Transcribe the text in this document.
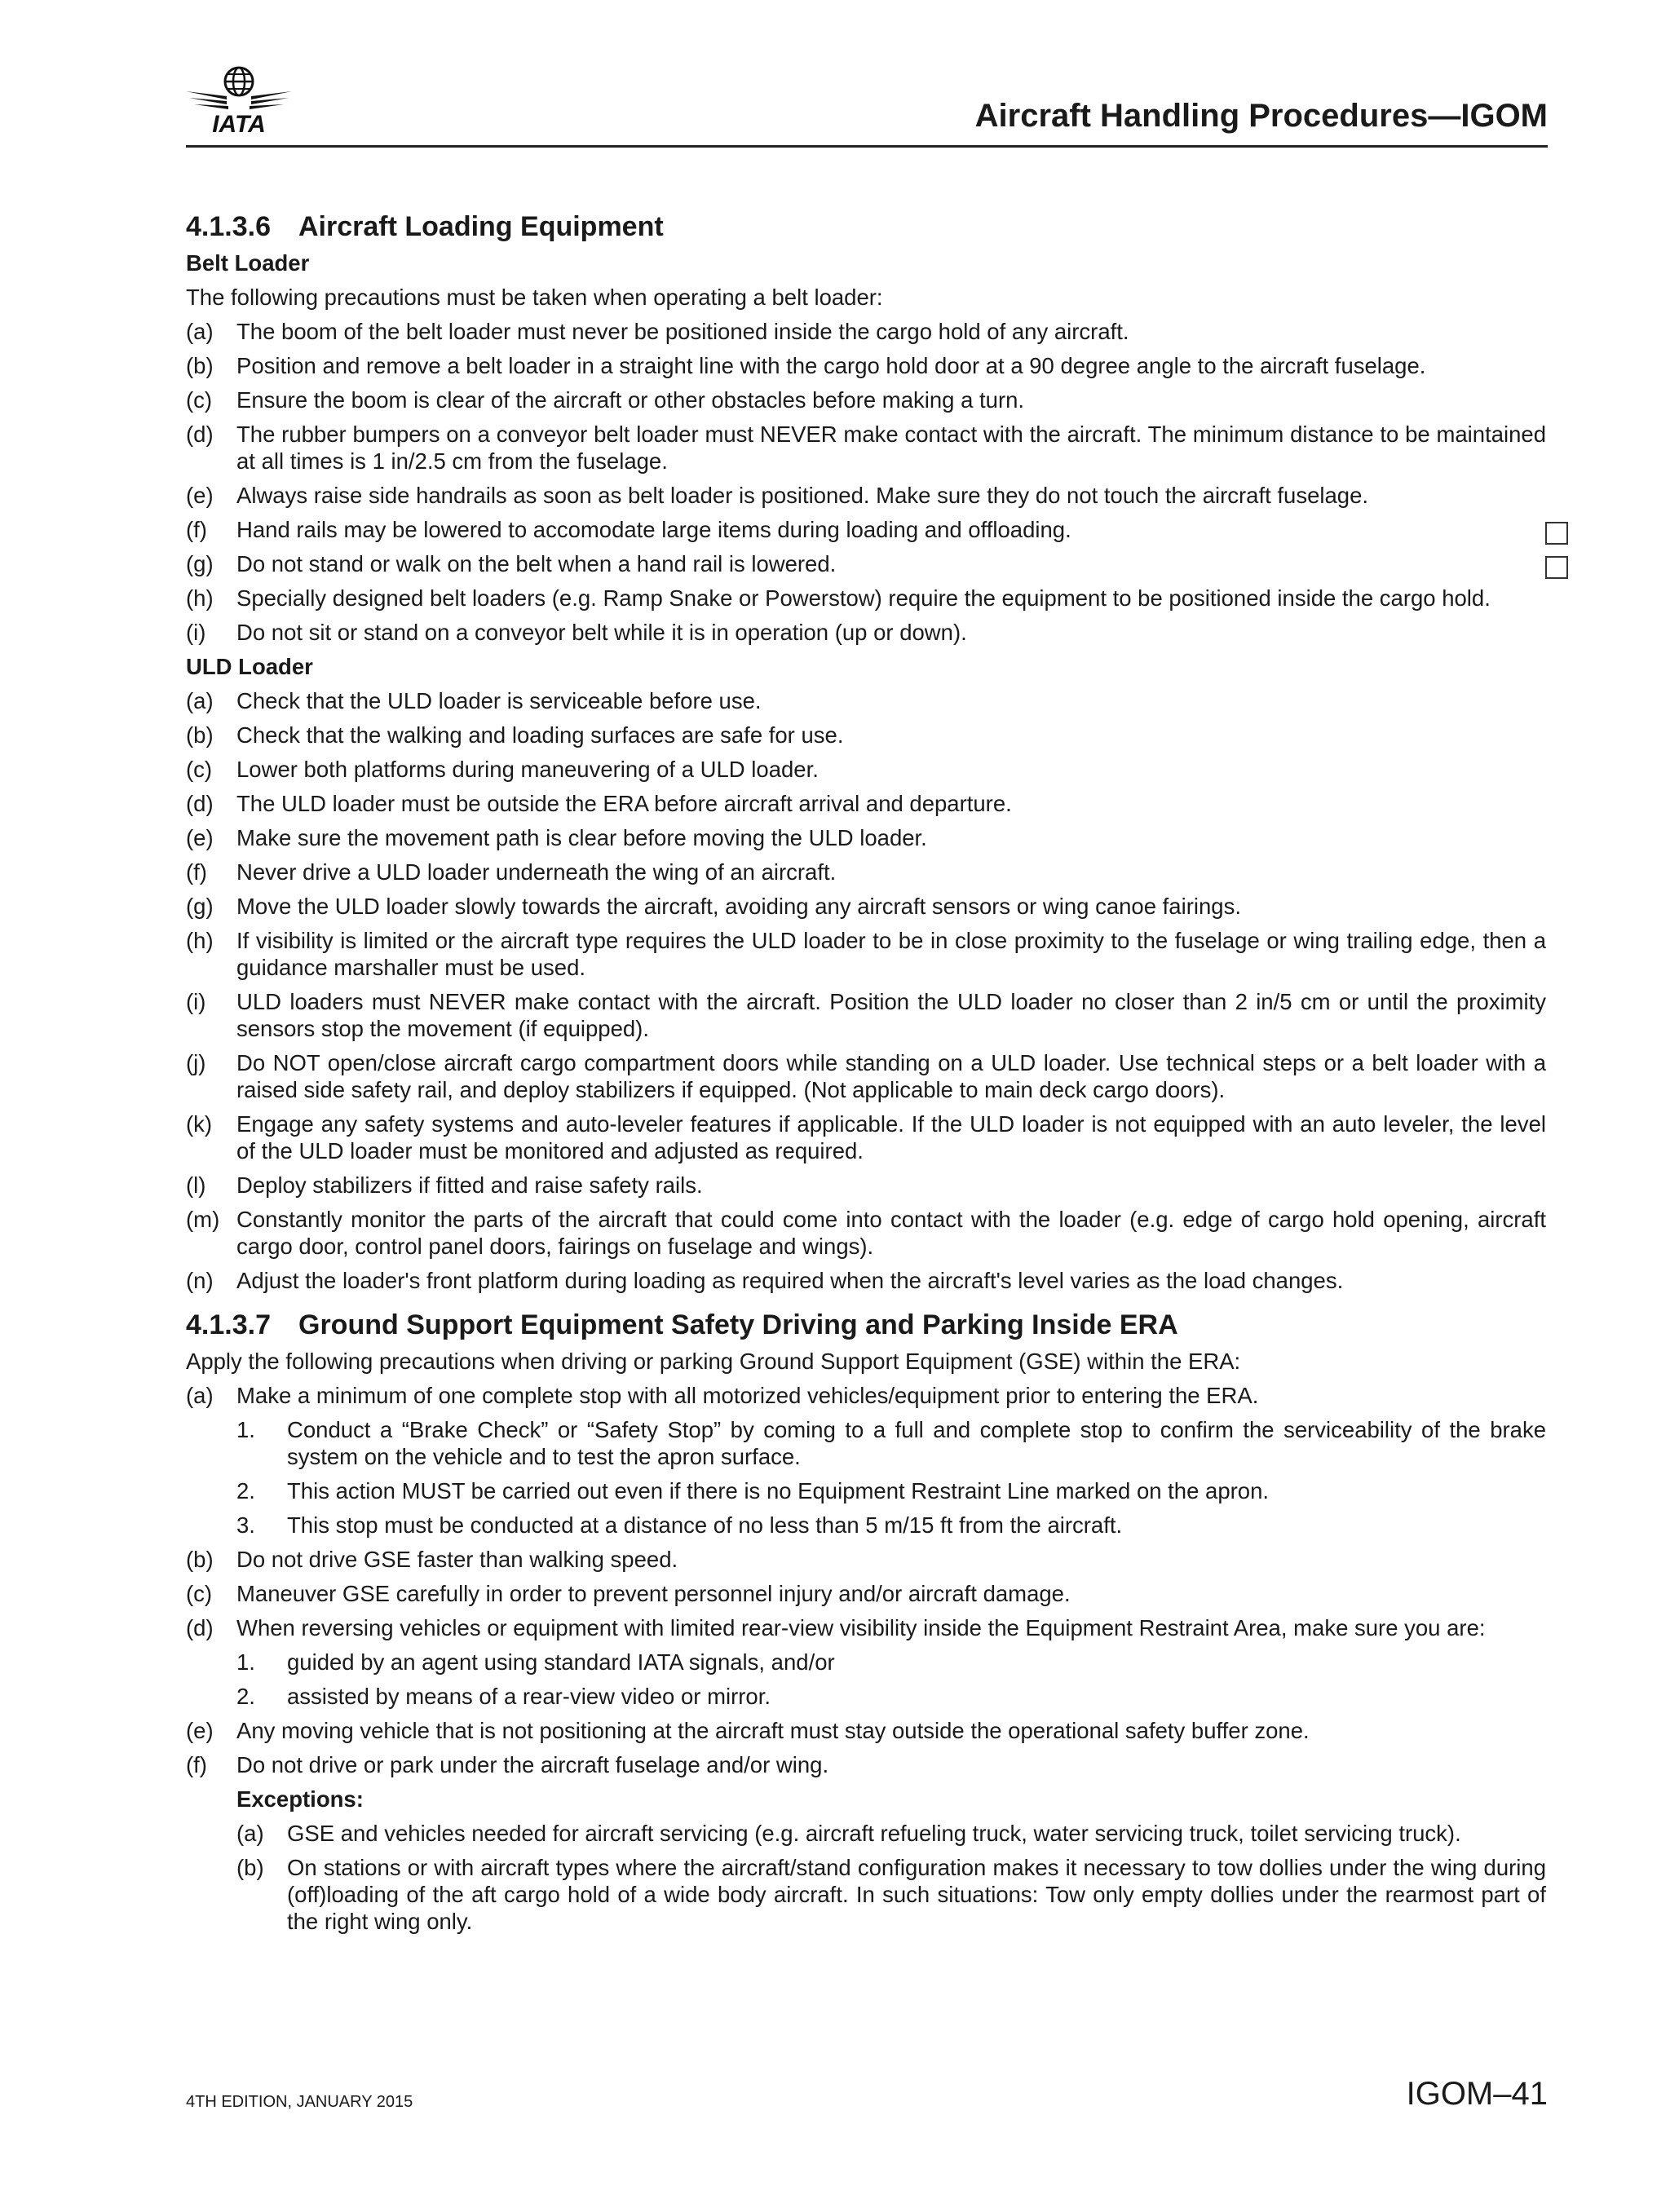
IATA	Aircraft Handling Procedures—IGOM
4.1.3.6 Aircraft Loading Equipment
Belt Loader
The following precautions must be taken when operating a belt loader:
(a) The boom of the belt loader must never be positioned inside the cargo hold of any aircraft.
(b) Position and remove a belt loader in a straight line with the cargo hold door at a 90 degree angle to the aircraft fuselage.
(c) Ensure the boom is clear of the aircraft or other obstacles before making a turn.
(d) The rubber bumpers on a conveyor belt loader must NEVER make contact with the aircraft. The minimum distance to be maintained at all times is 1 in/2.5 cm from the fuselage.
(e) Always raise side handrails as soon as belt loader is positioned. Make sure they do not touch the aircraft fuselage.
(f) Hand rails may be lowered to accomodate large items during loading and offloading.
(g) Do not stand or walk on the belt when a hand rail is lowered.
(h) Specially designed belt loaders (e.g. Ramp Snake or Powerstow) require the equipment to be positioned inside the cargo hold.
(i) Do not sit or stand on a conveyor belt while it is in operation (up or down).
ULD Loader
(a) Check that the ULD loader is serviceable before use.
(b) Check that the walking and loading surfaces are safe for use.
(c) Lower both platforms during maneuvering of a ULD loader.
(d) The ULD loader must be outside the ERA before aircraft arrival and departure.
(e) Make sure the movement path is clear before moving the ULD loader.
(f) Never drive a ULD loader underneath the wing of an aircraft.
(g) Move the ULD loader slowly towards the aircraft, avoiding any aircraft sensors or wing canoe fairings.
(h) If visibility is limited or the aircraft type requires the ULD loader to be in close proximity to the fuselage or wing trailing edge, then a guidance marshaller must be used.
(i) ULD loaders must NEVER make contact with the aircraft. Position the ULD loader no closer than 2 in/5 cm or until the proximity sensors stop the movement (if equipped).
(j) Do NOT open/close aircraft cargo compartment doors while standing on a ULD loader. Use technical steps or a belt loader with a raised side safety rail, and deploy stabilizers if equipped. (Not applicable to main deck cargo doors).
(k) Engage any safety systems and auto-leveler features if applicable. If the ULD loader is not equipped with an auto leveler, the level of the ULD loader must be monitored and adjusted as required.
(l) Deploy stabilizers if fitted and raise safety rails.
(m) Constantly monitor the parts of the aircraft that could come into contact with the loader (e.g. edge of cargo hold opening, aircraft cargo door, control panel doors, fairings on fuselage and wings).
(n) Adjust the loader's front platform during loading as required when the aircraft's level varies as the load changes.
4.1.3.7 Ground Support Equipment Safety Driving and Parking Inside ERA
Apply the following precautions when driving or parking Ground Support Equipment (GSE) within the ERA:
(a) Make a minimum of one complete stop with all motorized vehicles/equipment prior to entering the ERA.
1. Conduct a “Brake Check” or “Safety Stop” by coming to a full and complete stop to confirm the serviceability of the brake system on the vehicle and to test the apron surface.
2. This action MUST be carried out even if there is no Equipment Restraint Line marked on the apron.
3. This stop must be conducted at a distance of no less than 5 m/15 ft from the aircraft.
(b) Do not drive GSE faster than walking speed.
(c) Maneuver GSE carefully in order to prevent personnel injury and/or aircraft damage.
(d) When reversing vehicles or equipment with limited rear-view visibility inside the Equipment Restraint Area, make sure you are:
1. guided by an agent using standard IATA signals, and/or
2. assisted by means of a rear-view video or mirror.
(e) Any moving vehicle that is not positioning at the aircraft must stay outside the operational safety buffer zone.
(f) Do not drive or park under the aircraft fuselage and/or wing.
Exceptions:
(a) GSE and vehicles needed for aircraft servicing (e.g. aircraft refueling truck, water servicing truck, toilet servicing truck).
(b) On stations or with aircraft types where the aircraft/stand configuration makes it necessary to tow dollies under the wing during (off)loading of the aft cargo hold of a wide body aircraft. In such situations: Tow only empty dollies under the rearmost part of the right wing only.
4TH EDITION, JANUARY 2015	IGOM–41
